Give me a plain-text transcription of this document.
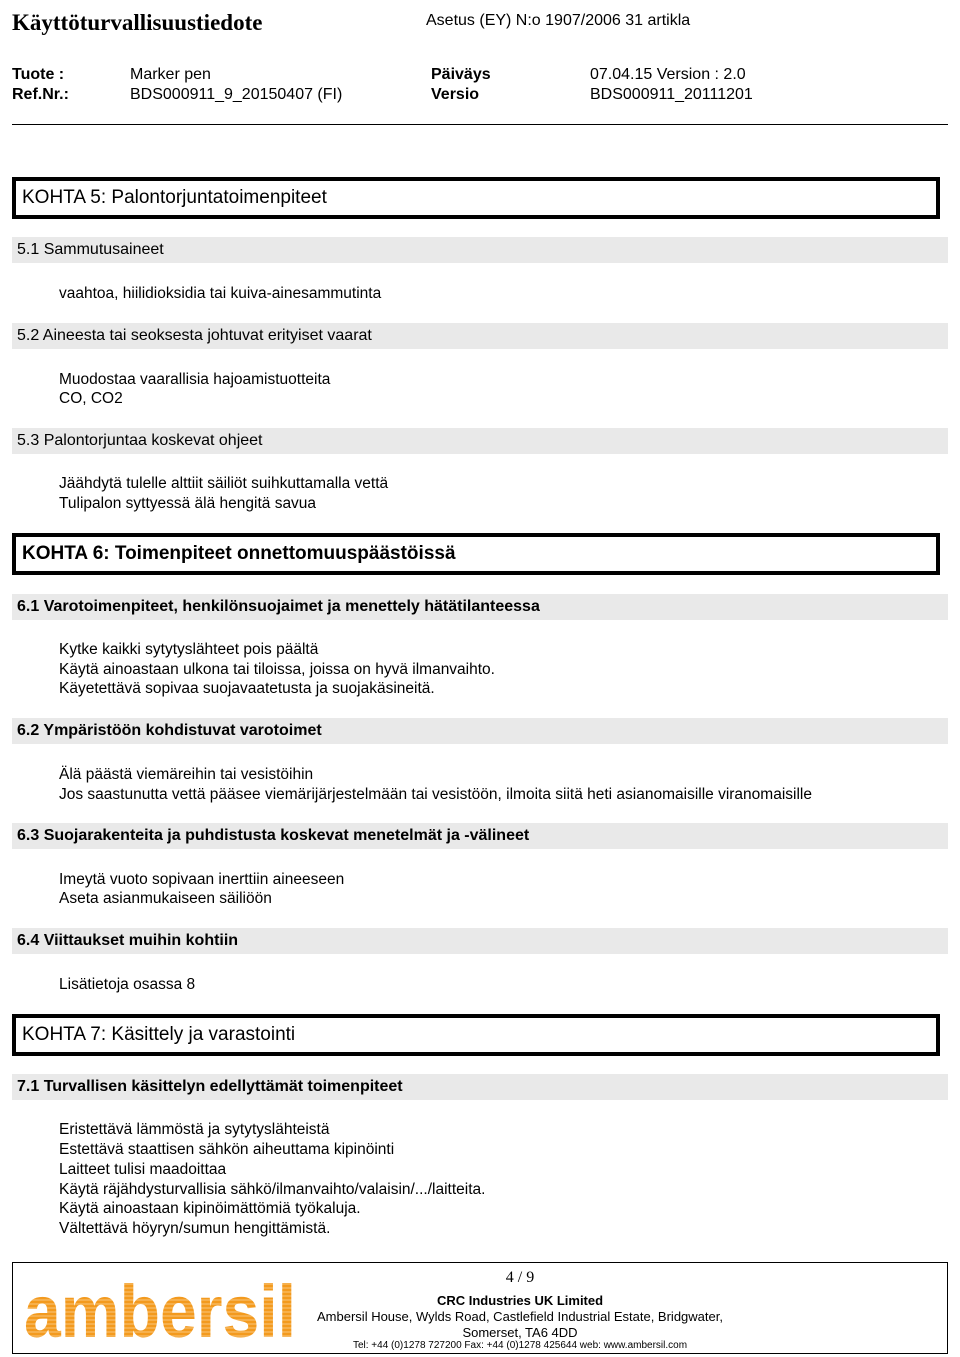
Käyttöturvallisuustiedote	Asetus (EY) N:o 1907/2006 31 artikla
Tuote :	Marker pen	Päiväys	07.04.15 Version : 2.0
Ref.Nr.:	BDS000911_9_20150407 (FI)	Versio	BDS000911_20111201
KOHTA 5: Palontorjuntatoimenpiteet
5.1 Sammutusaineet
vaahtoa, hiilidioksidia tai kuiva-ainesammutinta
5.2 Aineesta tai seoksesta johtuvat erityiset vaarat
Muodostaa vaarallisia hajoamistuotteita
CO, CO2
5.3 Palontorjuntaa koskevat ohjeet
Jäähdytä tulelle alttiit säiliöt suihkuttamalla vettä
Tulipalon syttyessä älä hengitä savua
KOHTA 6: Toimenpiteet onnettomuuspäästöissä
6.1 Varotoimenpiteet, henkilönsuojaimet ja menettely hätätilanteessa
Kytke kaikki sytytyslähteet pois päältä
Käytä ainoastaan ulkona tai tiloissa, joissa on hyvä ilmanvaihto.
Käyetettävä sopivaa suojavaatetusta ja suojakäsineitä.
6.2 Ympäristöön kohdistuvat varotoimet
Älä päästä viemäreihin tai vesistöihin
Jos saastunutta vettä pääsee viemärijärjestelmään tai vesistöön, ilmoita siitä heti asianomaisille viranomaisille
6.3 Suojarakenteita ja puhdistusta koskevat menetelmät ja -välineet
Imeytä vuoto sopivaan inerttiin aineeseen
Aseta asianmukaiseen säiliöön
6.4 Viittaukset muihin kohtiin
Lisätietoja osassa 8
KOHTA 7: Käsittely ja varastointi
7.1 Turvallisen käsittelyn edellyttämät toimenpiteet
Eristettävä lämmöstä ja sytytyslähteistä
Estettävä staattisen sähkön aiheuttama kipinöinti
Laitteet tulisi maadoittaa
Käytä räjähdysturvallisia sähkö/ilmanvaihto/valaisin/.../laitteita.
Käytä ainoastaan kipinöimättömiä työkaluja.
Vältettävä höyryn/sumun hengittämistä.
ambersil	4 / 9
CRC Industries UK Limited
Ambersil House, Wylds Road, Castlefield Industrial Estate, Bridgwater,
Somerset, TA6 4DD
Tel: +44 (0)1278 727200 Fax: +44 (0)1278 425644 web: www.ambersil.com
